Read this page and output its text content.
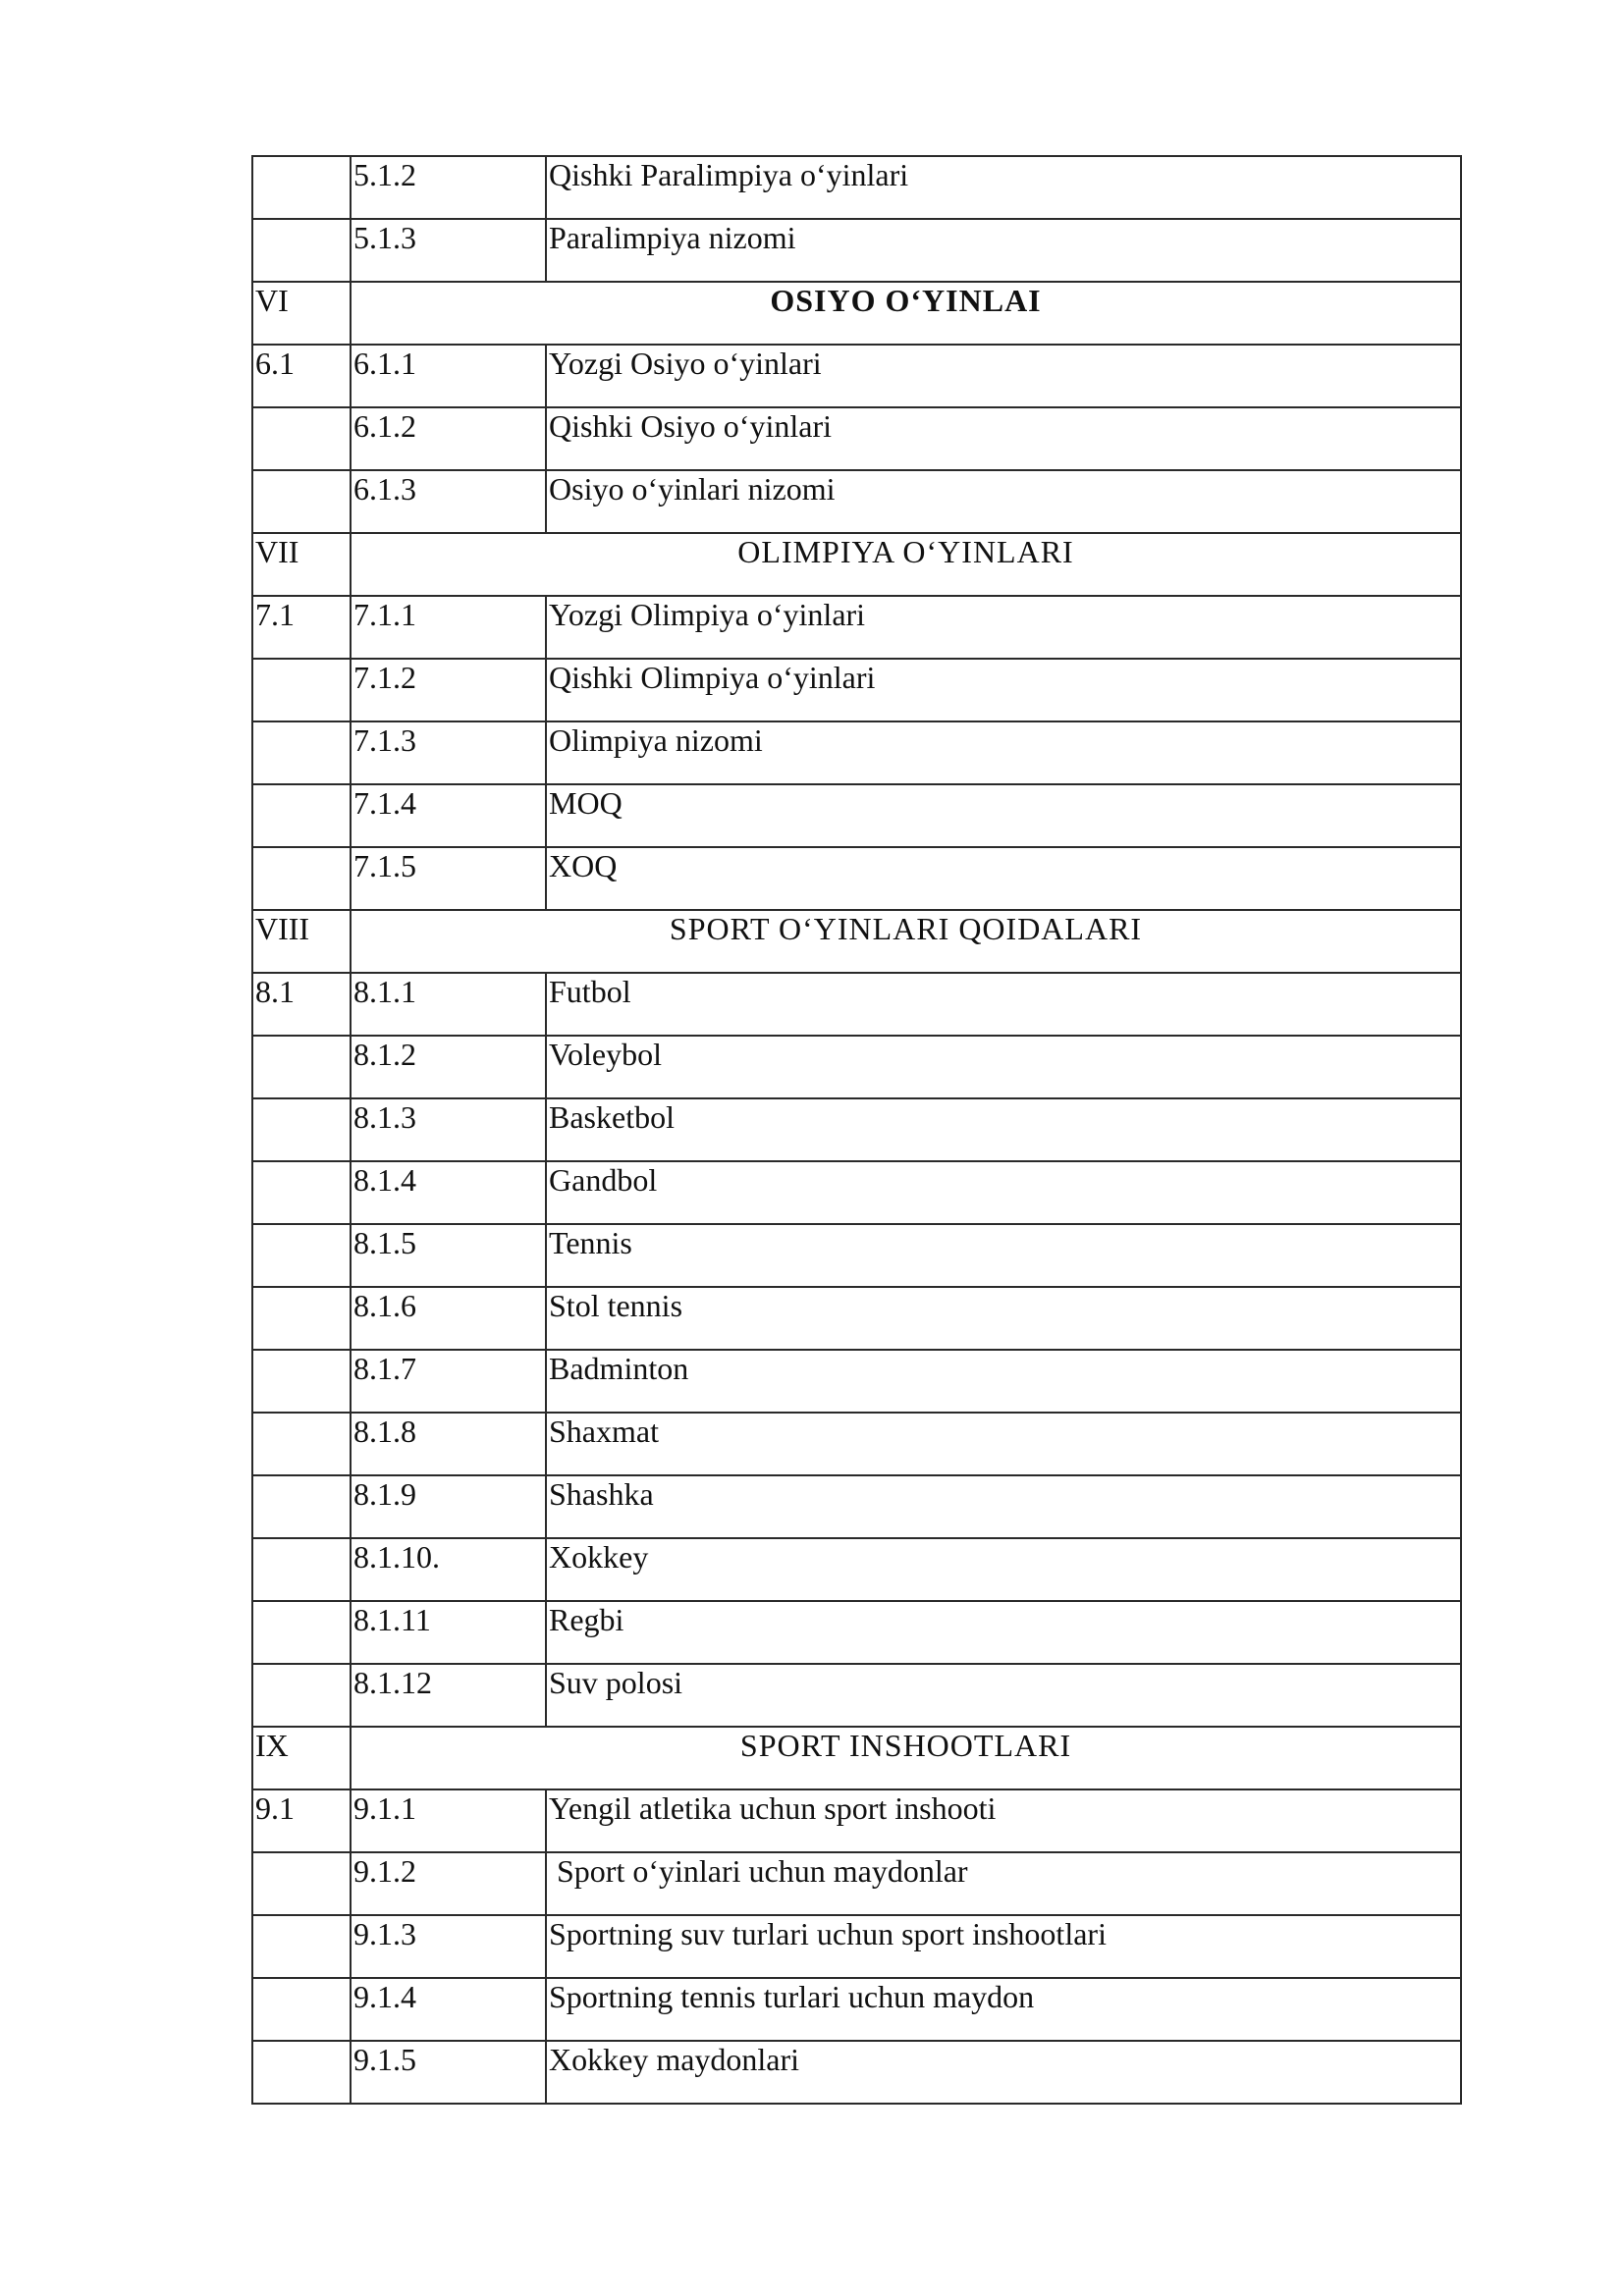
	5.1.2	Qishki Paralimpiya o‘yinlari
	5.1.3	Paralimpiya nizomi
VI	OSIYO O‘YINLAI	
6.1	6.1.1	Yozgi Osiyo o‘yinlari
	6.1.2	Qishki Osiyo o‘yinlari
	6.1.3	Osiyo o‘yinlari nizomi
VII	OLIMPIYA O‘YINLARI	
7.1	7.1.1	Yozgi Olimpiya o‘yinlari
	7.1.2	Qishki Olimpiya o‘yinlari
	7.1.3	Olimpiya nizomi
	7.1.4	MOQ
	7.1.5	XOQ
VIII	SPORT O‘YINLARI QOIDALARI	
8.1	8.1.1	Futbol
	8.1.2	Voleybol
	8.1.3	Basketbol
	8.1.4	Gandbol
	8.1.5	Tennis
	8.1.6	Stol tennis
	8.1.7	Badminton
	8.1.8	Shaxmat
	8.1.9	Shashka
	8.1.10.	Xokkey
	8.1.11	Regbi
	8.1.12	Suv polosi
IX	SPORT INSHOOTLARI	
9.1	9.1.1	Yengil atletika uchun sport inshooti
	9.1.2	Sport o‘yinlari uchun maydonlar
	9.1.3	Sportning suv turlari uchun sport inshootlari
	9.1.4	Sportning tennis turlari uchun maydon
	9.1.5	Xokkey maydonlari
